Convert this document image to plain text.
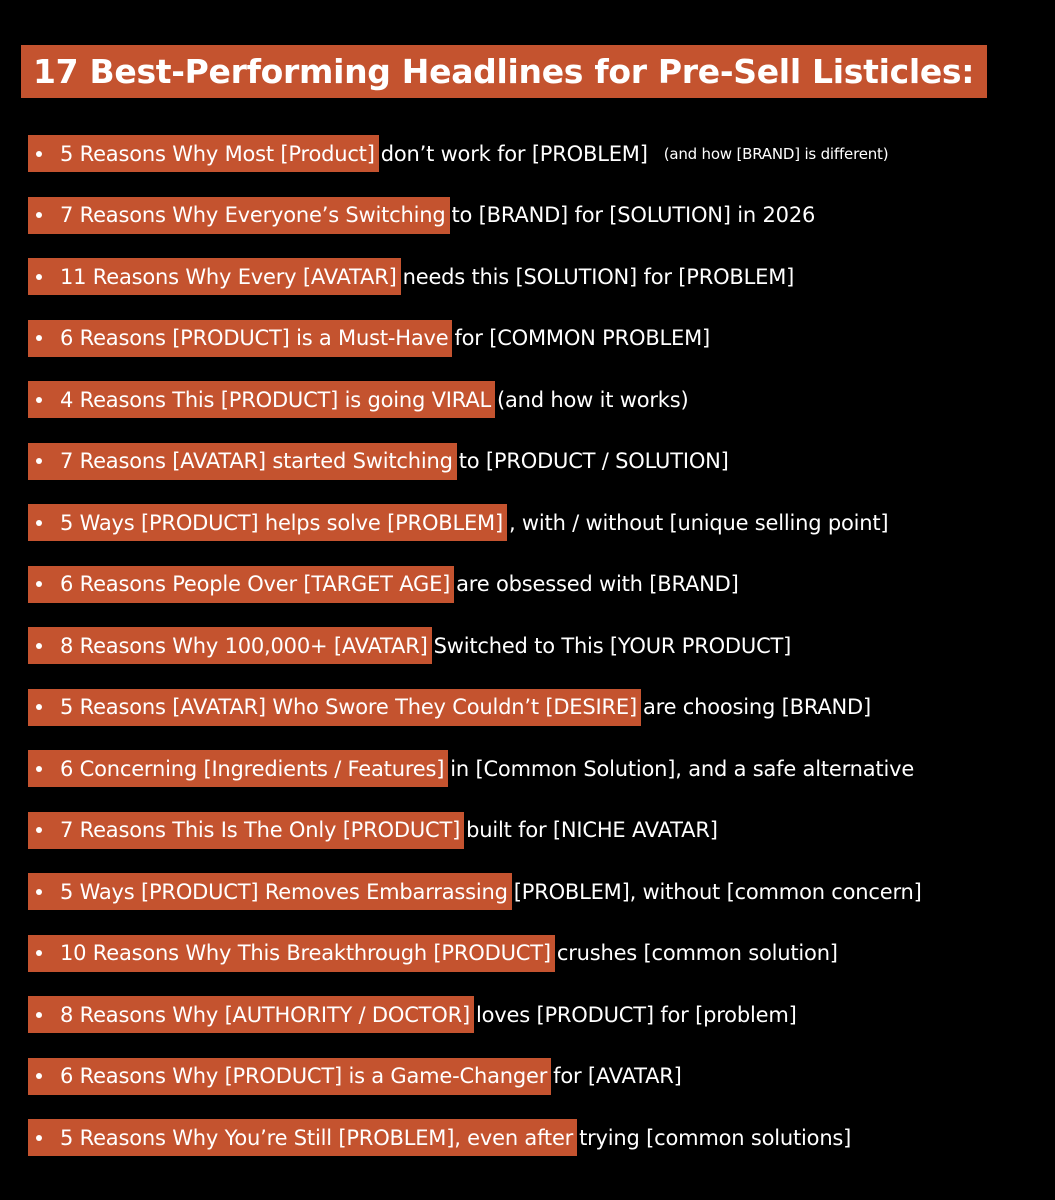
17 Best-Performing Headlines for Pre-Sell Listicles:
5 Reasons Why Most [Product] don’t work for [PROBLEM] (and how [BRAND] is different)
7 Reasons Why Everyone’s Switching to [BRAND] for [SOLUTION] in 2026
11 Reasons Why Every [AVATAR] needs this [SOLUTION] for [PROBLEM]
6 Reasons [PRODUCT] is a Must-Have for [COMMON PROBLEM]
4 Reasons This [PRODUCT] is going VIRAL (and how it works)
7 Reasons [AVATAR] started Switching to [PRODUCT / SOLUTION]
5 Ways [PRODUCT] helps solve [PROBLEM] , with / without [unique selling point]
6 Reasons People Over [TARGET AGE] are obsessed with [BRAND]
8 Reasons Why 100,000+ [AVATAR] Switched to This [YOUR PRODUCT]
5 Reasons [AVATAR] Who Swore They Couldn’t [DESIRE] are choosing [BRAND]
6 Concerning [Ingredients / Features] in [Common Solution], and a safe alternative
7 Reasons This Is The Only [PRODUCT] built for [NICHE AVATAR]
5 Ways [PRODUCT] Removes Embarrassing [PROBLEM], without [common concern]
10 Reasons Why This Breakthrough [PRODUCT] crushes [common solution]
8 Reasons Why [AUTHORITY / DOCTOR] loves [PRODUCT] for [problem]
6 Reasons Why [PRODUCT] is a Game-Changer for [AVATAR]
5 Reasons Why You’re Still [PROBLEM], even after trying [common solutions]
